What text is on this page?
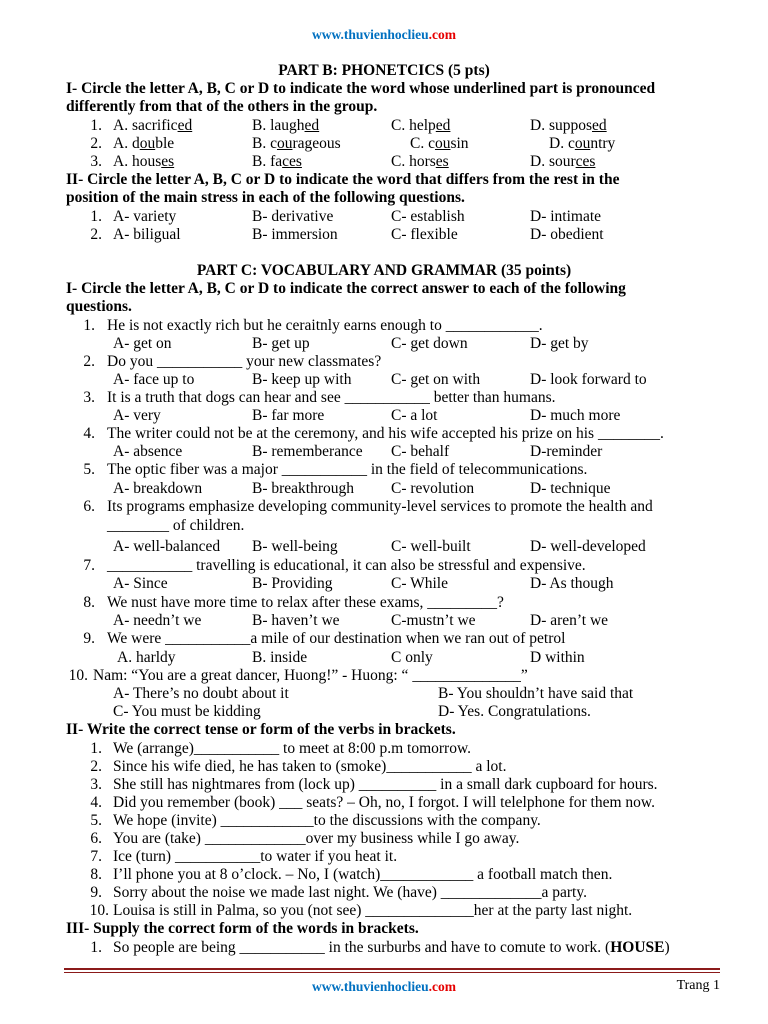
www.thuvienhoclieu.com
PART B: PHONETCICS (5 pts)
I- Circle the letter A, B, C or D to indicate the word whose underlined part is pronounced
differently from that of the others in the group.
1. A. sacrificed	B. laughed	C. helped	D. supposed
2. A. double	B. courageous	C. cousin	D. country
3. A. houses	B. faces	C. horses	D. sources
II- Circle the letter A, B, C or D to indicate the word that differs from the rest in the
position of the main stress in each of the following questions.
1. A- variety	B- derivative	C- establish	D- intimate
2. A- biligual	B- immersion	C- flexible	D- obedient
PART C: VOCABULARY AND GRAMMAR (35 points)
I- Circle the letter A, B, C or D to indicate the correct answer to each of the following
questions.
1. He is not exactly rich but he ceraitnly earns enough to ____________.
A- get on	B- get up	C- get down	D- get by
2. Do you ___________ your new classmates?
A- face up to	B- keep up with	C- get on with	D- look forward to
3. It is a truth that dogs can hear and see ___________ better than humans.
A- very	B- far more	C- a lot	D- much more
4. The writer could not be at the ceremony, and his wife accepted his prize on his ________.
A- absence	B- rememberance C- behalf	D-reminder
5. The optic fiber was a major ___________ in the field of telecommunications.
A- breakdown	B- breakthrough C- revolution	D- technique
6. Its programs emphasize developing community-level services to promote the health and
________ of children.
A- well-balanced B- well-being	C- well-built	D- well-developed
7. ___________ travelling is educational, it can also be stressful and expensive.
A- Since	B- Providing	C- While	D- As though
8. We nust have more time to relax after these exams, _________?
A- needn’t we	B- haven’t we	C-mustn’t we	D- aren’t we
9. We were ___________a mile of our destination when we ran out of petrol
A. harldy	B. inside	C only	D within
10. Nam: “You are a great dancer, Huong!” - Huong: “ ______________”
A- There’s no doubt about it	B- You shouldn’t have said that
C- You must be kidding	D- Yes. Congratulations.
II- Write the correct tense or form of the verbs in brackets.
1. We (arrange)___________ to meet at 8:00 p.m tomorrow.
2. Since his wife died, he has taken to (smoke)___________ a lot.
3. She still has nightmares from (lock up) __________ in a small dark cupboard for hours.
4. Did you remember (book) ___ seats? – Oh, no, I forgot. I will telelphone for them now.
5. We hope (invite) ____________to the discussions with the company.
6. You are (take) _____________over my business while I go away.
7. Ice (turn) ___________to water if you heat it.
8. I’ll phone you at 8 o’clock. – No, I (watch)____________ a football match then.
9. Sorry about the noise we made last night. We (have) _____________a party.
10. Louisa is still in Palma, so you (not see) ______________her at the party last night.
III- Supply the correct form of the words in brackets.
1. So people are being ___________ in the surburbs and have to comute to work. (HOUSE)
www.thuvienhoclieu.com	Trang 1
